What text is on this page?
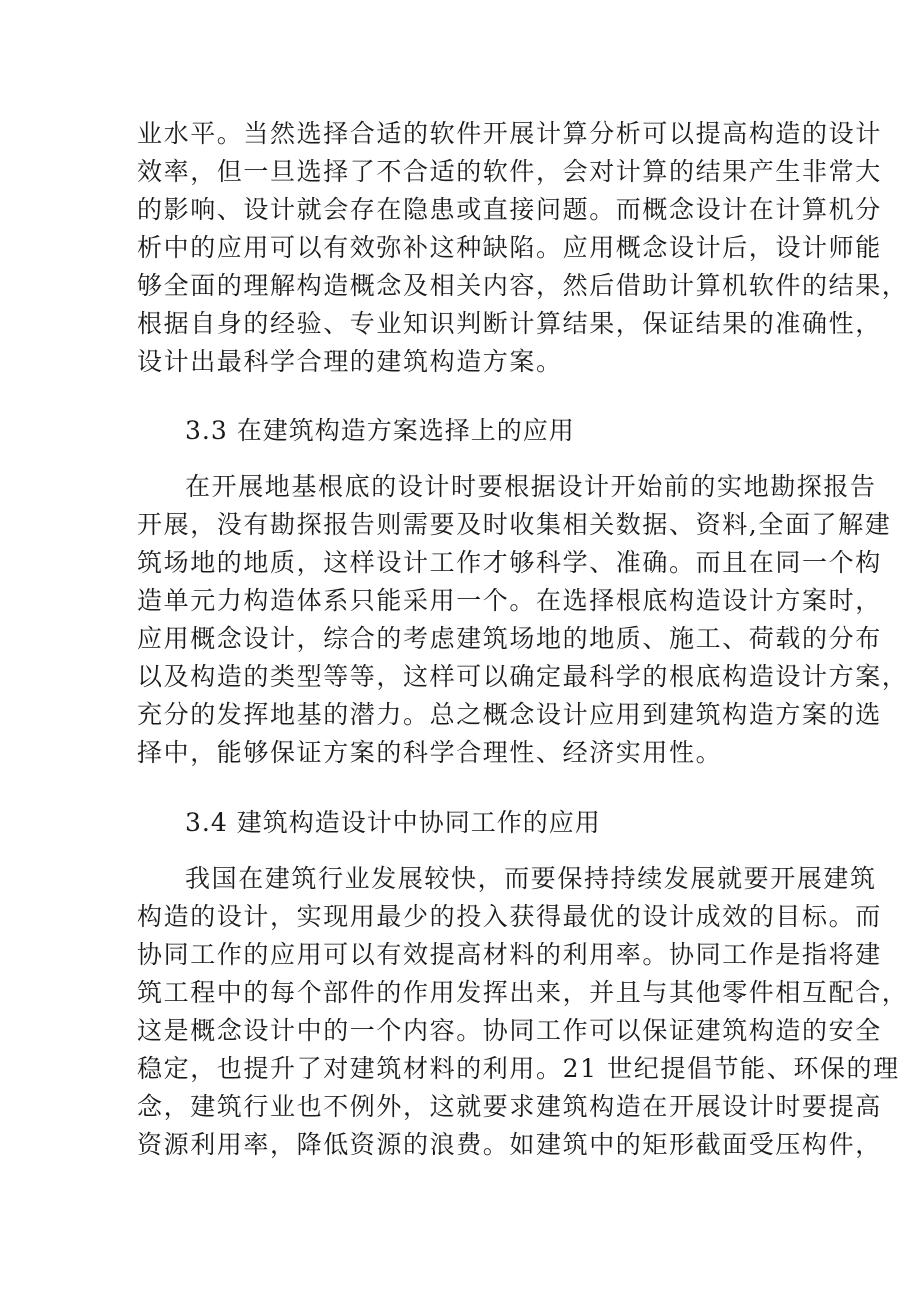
业水平。当然选择合适的软件开展计算分析可以提高构造的设计
效率，但一旦选择了不合适的软件，会对计算的结果产生非常大
的影响、设计就会存在隐患或直接问题。而概念设计在计算机分
析中的应用可以有效弥补这种缺陷。应用概念设计后，设计师能
够全面的理解构造概念及相关内容，然后借助计算机软件的结果，
根据自身的经验、专业知识判断计算结果，保证结果的准确性，
设计出最科学合理的建筑构造方案。
3.3 在建筑构造方案选择上的应用
在开展地基根底的设计时要根据设计开始前的实地勘探报告
开展，没有勘探报告则需要及时收集相关数据、资料,全面了解建
筑场地的地质，这样设计工作才够科学、准确。而且在同一个构
造单元力构造体系只能采用一个。在选择根底构造设计方案时，
应用概念设计，综合的考虑建筑场地的地质、施工、荷载的分布
以及构造的类型等等，这样可以确定最科学的根底构造设计方案，
充分的发挥地基的潜力。总之概念设计应用到建筑构造方案的选
择中，能够保证方案的科学合理性、经济实用性。
3.4 建筑构造设计中协同工作的应用
我国在建筑行业发展较快，而要保持持续发展就要开展建筑
构造的设计，实现用最少的投入获得最优的设计成效的目标。而
协同工作的应用可以有效提高材料的利用率。协同工作是指将建
筑工程中的每个部件的作用发挥出来，并且与其他零件相互配合，
这是概念设计中的一个内容。协同工作可以保证建筑构造的安全
稳定，也提升了对建筑材料的利用。21 世纪提倡节能、环保的理
念，建筑行业也不例外，这就要求建筑构造在开展设计时要提高
资源利用率，降低资源的浪费。如建筑中的矩形截面受压构件，
